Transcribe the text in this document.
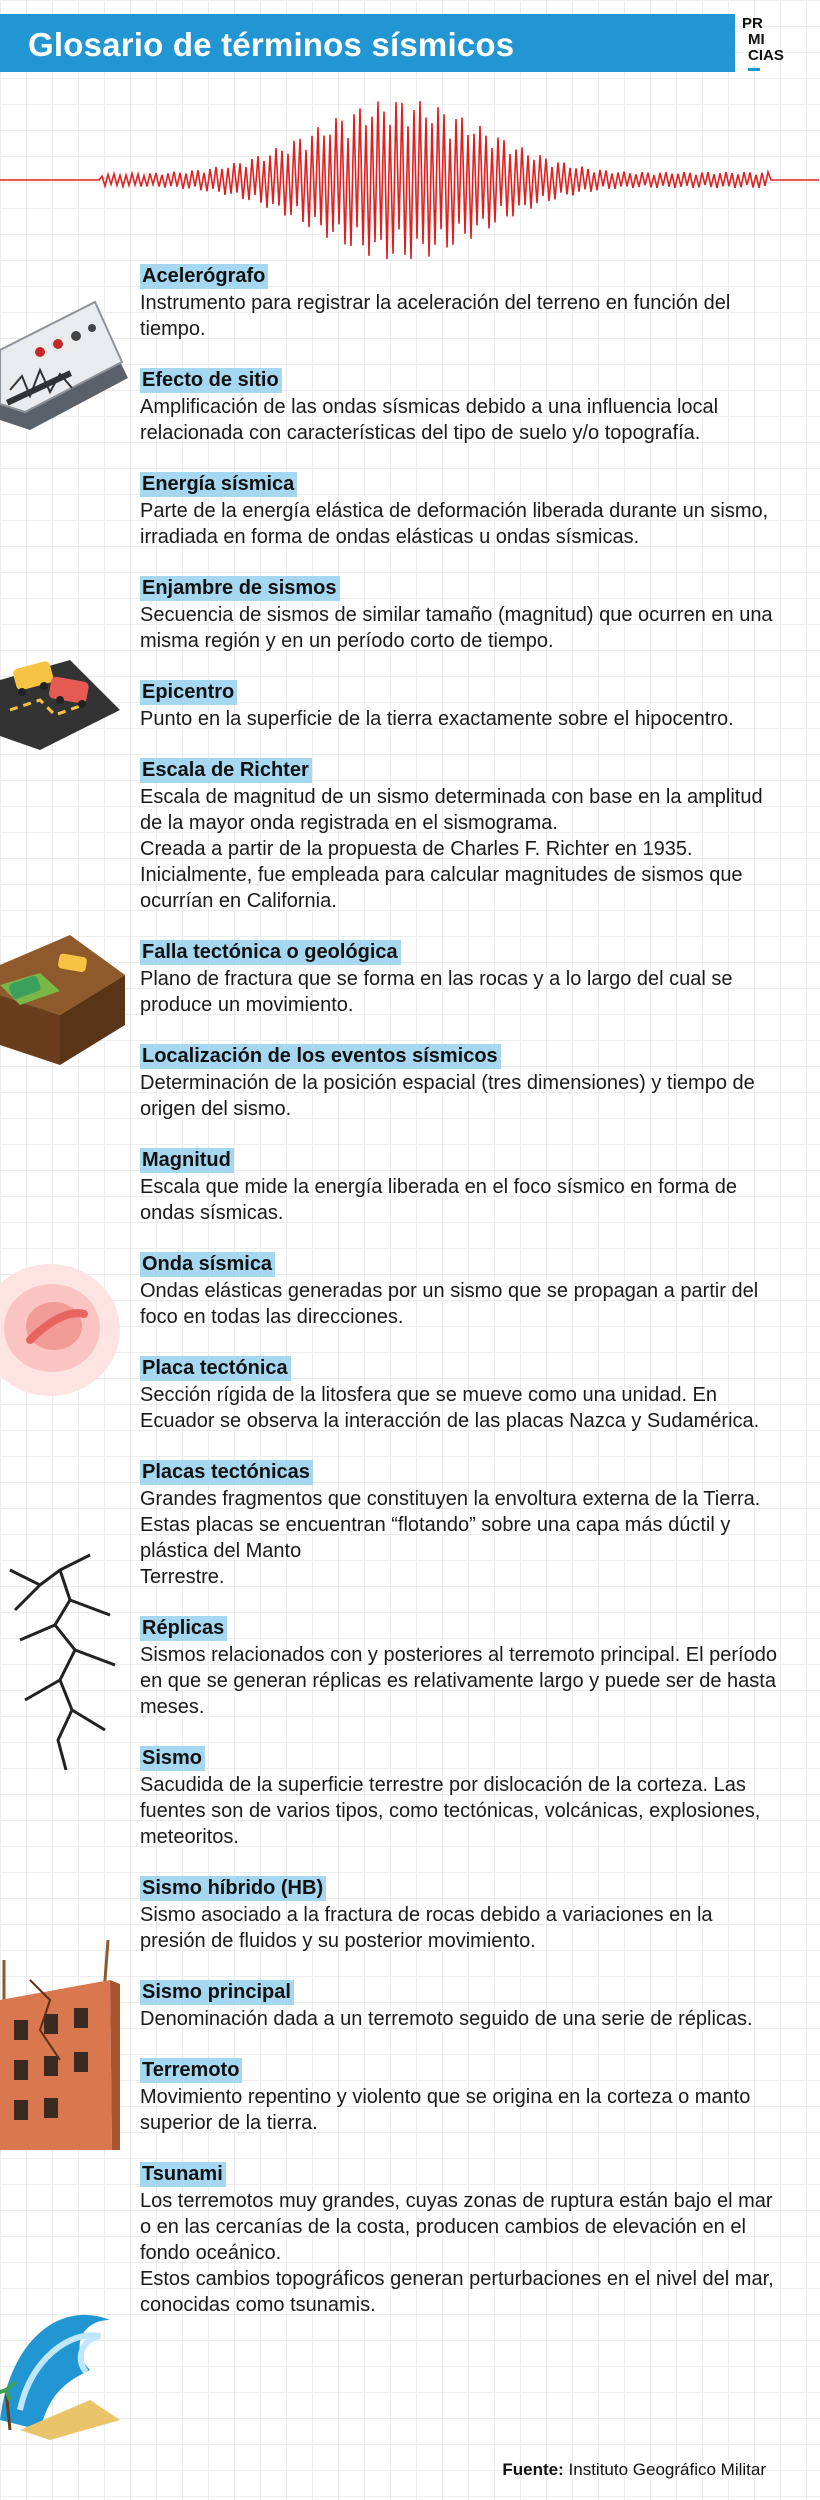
Glosario de términos sísmicos
PR
MI
CIAS
Acelerógrafo

Instrumento para registrar la aceleración del terreno en función del tiempo.

Efecto de sitio

Amplificación de las ondas sísmicas debido a una influencia local relacionada con características del tipo de suelo y/o topografía.

Energía sísmica

Parte de la energía elástica de deformación liberada durante un sismo, irradiada en forma de ondas elásticas u ondas sísmicas.

Enjambre de sismos

Secuencia de sismos de similar tamaño (magnitud) que ocurren en una misma región y en un período corto de tiempo.

Epicentro

Punto en la superficie de la tierra exactamente sobre el hipocentro.

Escala de Richter

Escala de magnitud de un sismo determinada con base en la amplitud de la mayor onda registrada en el sismograma.

Creada a partir de la propuesta de Charles F. Richter en 1935.

Inicialmente, fue empleada para calcular magnitudes de sismos que ocurrían en California.

Falla tectónica o geológica

Plano de fractura que se forma en las rocas y a lo largo del cual se produce un movimiento.

Localización de los eventos sísmicos

Determinación de la posición espacial (tres dimensiones) y tiempo de origen del sismo.

Magnitud

Escala que mide la energía liberada en el foco sísmico en forma de ondas sísmicas.

Onda sísmica

Ondas elásticas generadas por un sismo que se propagan a partir del foco en todas las direcciones.

Placa tectónica

Sección rígida de la litosfera que se mueve como una unidad. En Ecuador se observa la interacción de las placas Nazca y Sudamérica.

Placas tectónicas

Grandes fragmentos que constituyen la envoltura externa de la Tierra. Estas placas se encuentran “flotando” sobre una capa más dúctil y plástica del Manto

Terrestre.

Réplicas

Sismos relacionados con y posteriores al terremoto principal. El período en que se generan réplicas es relativamente largo y puede ser de hasta meses.

Sismo

Sacudida de la superficie terrestre por dislocación de la corteza. Las fuentes son de varios tipos, como tectónicas, volcánicas, explosiones, meteoritos.

Sismo híbrido (HB)

Sismo asociado a la fractura de rocas debido a variaciones en la presión de fluidos y su posterior movimiento.

Sismo principal

Denominación dada a un terremoto seguido de una serie de réplicas.

Terremoto

Movimiento repentino y violento que se origina en la corteza o manto superior de la tierra.

Tsunami

Los terremotos muy grandes, cuyas zonas de ruptura están bajo el mar o en las cercanías de la costa, producen cambios de elevación en el fondo oceánico.

Estos cambios topográficos generan perturbaciones en el nivel del mar, conocidas como tsunamis.

Fuente: Instituto Geográfico Militar
